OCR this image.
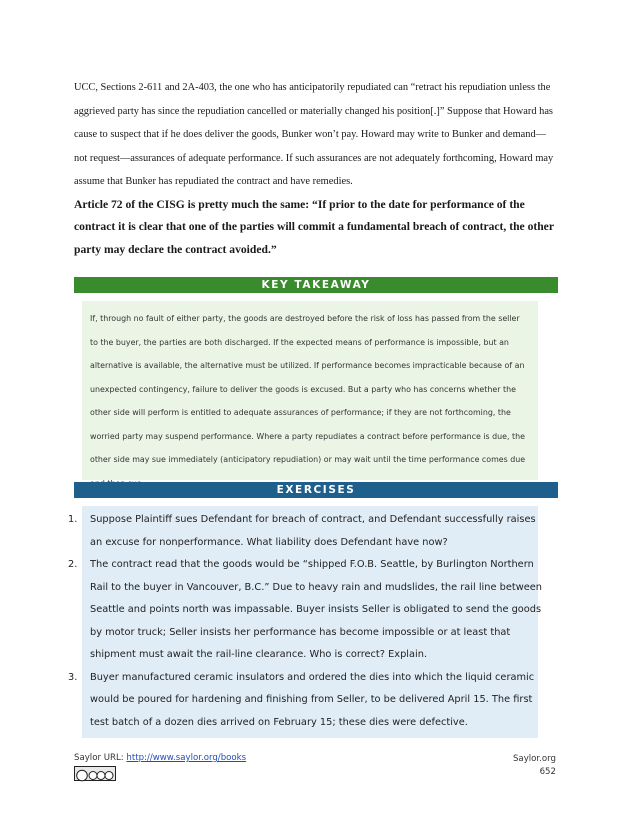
UCC, Sections 2-611 and 2A-403, the one who has anticipatorily repudiated can “retract his repudiation unless the aggrieved party has since the repudiation cancelled or materially changed his position[.]” Suppose that Howard has cause to suspect that if he does deliver the goods, Bunker won’t pay. Howard may write to Bunker and demand—not request—assurances of adequate performance. If such assurances are not adequately forthcoming, Howard may assume that Bunker has repudiated the contract and have remedies.

Article 72 of the CISG is pretty much the same: “If prior to the date for performance of the contract it is clear that one of the parties will commit a fundamental breach of contract, the other party may declare the contract avoided.”

KEY TAKEAWAY

If, through no fault of either party, the goods are destroyed before the risk of loss has passed from the seller to the buyer, the parties are both discharged. If the expected means of performance is impossible, but an alternative is available, the alternative must be utilized. If performance becomes impracticable because of an unexpected contingency, failure to deliver the goods is excused. But a party who has concerns whether the other side will perform is entitled to adequate assurances of performance; if they are not forthcoming, the worried party may suspend performance. Where a party repudiates a contract before performance is due, the other side may sue immediately (anticipatory repudiation) or may wait until the time performance comes due

EXERCISES
1. Suppose Plaintiff sues Defendant for breach of contract, and Defendant successfully raises an excuse for nonperformance. What liability does Defendant have now?
2. The contract read that the goods would be “shipped F.O.B. Seattle, by Burlington Northern Rail to the buyer in Vancouver, B.C.” Due to heavy rain and mudslides, the rail line between Seattle and points north was impassable. Buyer insists Seller is obligated to send the goods by motor truck; Seller insists her performance has become impossible or at least that shipment must await the rail-line clearance. Who is correct? Explain.
3. Buyer manufactured ceramic insulators and ordered the dies into which the liquid ceramic would be poured for hardening and finishing from Seller, to be delivered April 15. The first test batch of a dozen dies arrived on February 15; these dies were defective.
Saylor URL: http://www.saylor.org/books	Saylor.org
652
